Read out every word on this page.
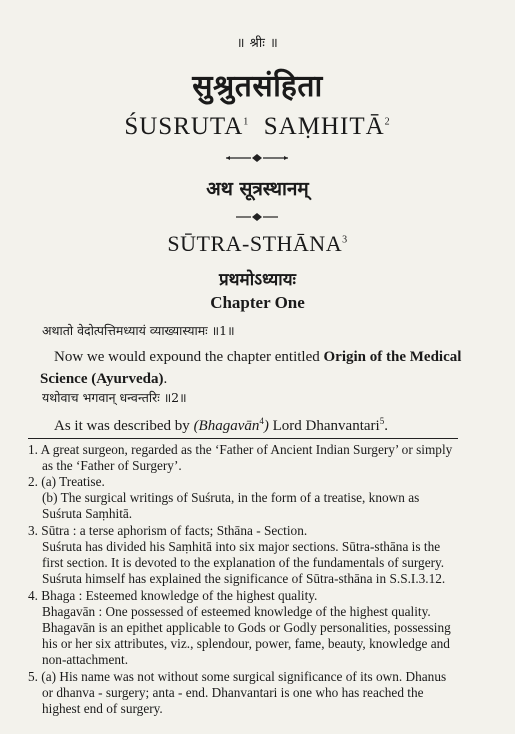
॥ श्रीः ॥
सुश्रुतसंहिता
ŚUSRUTA$^1$ SAṂHITĀ$^2$
अथ सूत्रस्थानम्
SŪTRA-STHĀNA$^3$
प्रथमोऽध्यायः
Chapter One
अथातो वेदोत्पत्तिमध्यायं व्याख्यास्यामः ॥1॥
Now we would expound the chapter entitled Origin of the Medical Science (Ayurveda).
यथोवाच भगवान् धन्वन्तरिः ॥2॥
As it was described by (Bhagavān$^4$) Lord Dhanvantari$^5$.
1. A great surgeon, regarded as the ‘Father of Ancient Indian Surgery’ or simply
as the ‘Father of Surgery’.
2. (a) Treatise.
(b) The surgical writings of Suśruta, in the form of a treatise, known as
Suśruta Saṃhitā.
3. Sūtra : a terse aphorism of facts; Sthāna - Section.
Suśruta has divided his Saṃhitā into six major sections. Sūtra-sthāna is the
first section. It is devoted to the explanation of the fundamentals of surgery.
Suśruta himself has explained the significance of Sūtra-sthāna in S.S.I.3.12.
4. Bhaga : Esteemed knowledge of the highest quality.
Bhagavān : One possessed of esteemed knowledge of the highest quality.
Bhagavān is an epithet applicable to Gods or Godly personalities, possessing
his or her six attributes, viz., splendour, power, fame, beauty, knowledge and
non-attachment.
5. (a) His name was not without some surgical significance of its own. Dhanus
or dhanva - surgery; anta - end. Dhanvantari is one who has reached the
highest end of surgery.
